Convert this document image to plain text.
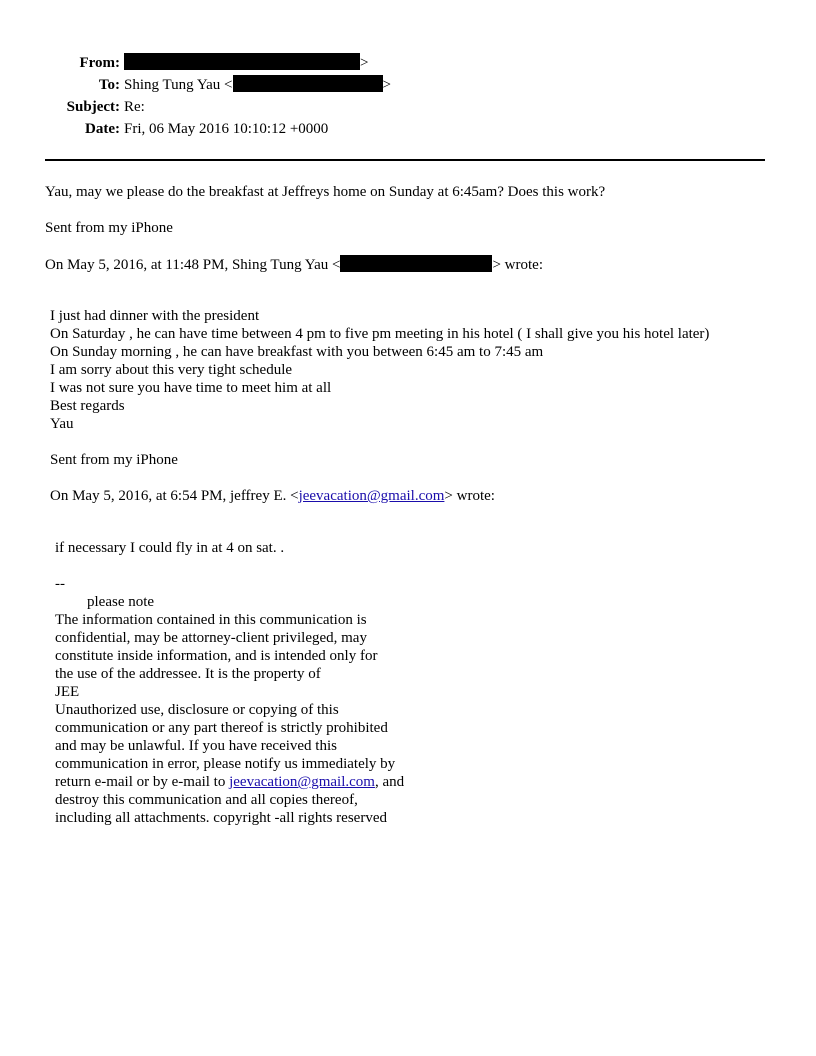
From:	>
To: Shing Tung Yau <	>
Subject: Re:
Date: Fri, 06 May 2016 10:10:12 +0000
Yau, may we please do the breakfast at Jeffreys home on Sunday at 6:45am? Does this work?
Sent from my iPhone
On May 5, 2016, at 11:48 PM, Shing Tung Yau <	> wrote:
I just had dinner with the president
On Saturday , he can have time between 4 pm to five pm meeting in his hotel ( I shall give you his hotel later)
On Sunday morning , he can have breakfast with you between 6:45 am to 7:45 am
I am sorry about this very tight schedule
I was not sure you have time to meet him at all
Best regards
Yau
Sent from my iPhone
On May 5, 2016, at 6:54 PM, jeffrey E. <jeevacation@gmail.com> wrote:
if necessary I could fly in at 4 on sat. .
--
please note
The information contained in this communication is
confidential, may be attorney-client privileged, may
constitute inside information, and is intended only for
the use of the addressee. It is the property of
JEE
Unauthorized use, disclosure or copying of this
communication or any part thereof is strictly prohibited
and may be unlawful. If you have received this
communication in error, please notify us immediately by
return e-mail or by e-mail to jeevacation@gmail.com, and
destroy this communication and all copies thereof,
including all attachments. copyright -all rights reserved
